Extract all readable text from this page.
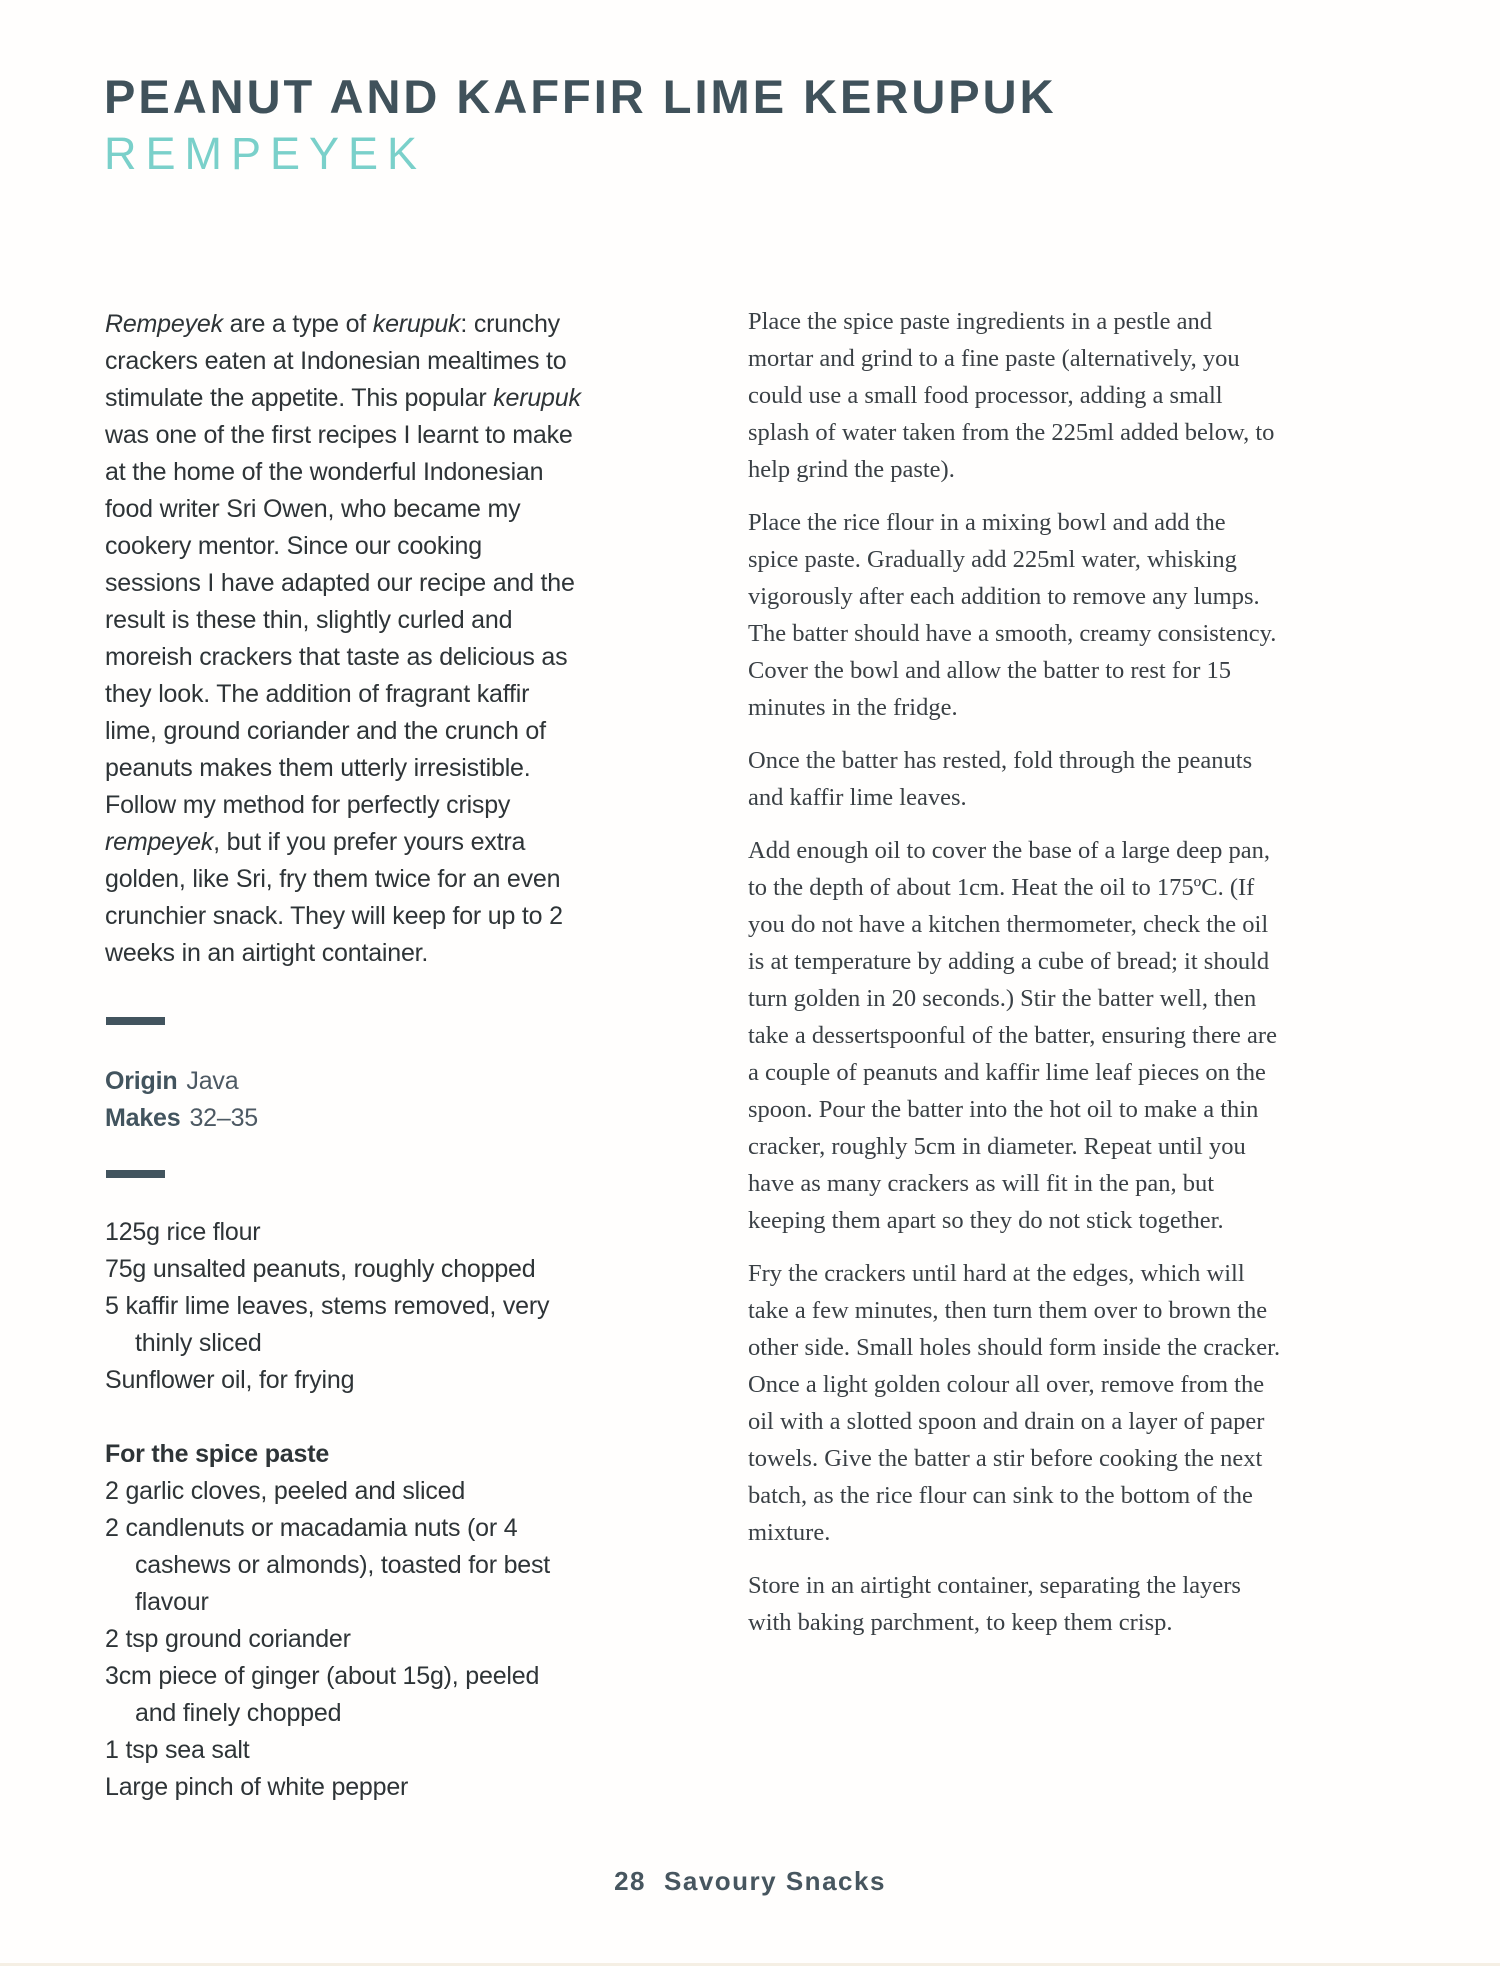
PEANUT AND KAFFIR LIME KERUPUK
REMPEYEK

Rempeyek are a type of kerupuk: crunchy crackers eaten at Indonesian mealtimes to stimulate the appetite. This popular kerupuk was one of the first recipes I learnt to make at the home of the wonderful Indonesian food writer Sri Owen, who became my cookery mentor. Since our cooking sessions I have adapted our recipe and the result is these thin, slightly curled and moreish crackers that taste as delicious as they look. The addition of fragrant kaffir lime, ground coriander and the crunch of peanuts makes them utterly irresistible. Follow my method for perfectly crispy rempeyek, but if you prefer yours extra golden, like Sri, fry them twice for an even crunchier snack. They will keep for up to 2 weeks in an airtight container.

Origin Java

Makes 32–35

125g rice flour
75g unsalted peanuts, roughly chopped
5 kaffir lime leaves, stems removed, very thinly sliced
Sunflower oil, for frying
For the spice paste
2 garlic cloves, peeled and sliced
2 candlenuts or macadamia nuts (or 4 cashews or almonds), toasted for best flavour
2 tsp ground coriander
3cm piece of ginger (about 15g), peeled and finely chopped
1 tsp sea salt
Large pinch of white pepper

Place the spice paste ingredients in a pestle and mortar and grind to a fine paste (alternatively, you could use a small food processor, adding a small splash of water taken from the 225ml added below, to help grind the paste).

Place the rice flour in a mixing bowl and add the spice paste. Gradually add 225ml water, whisking vigorously after each addition to remove any lumps. The batter should have a smooth, creamy consistency. Cover the bowl and allow the batter to rest for 15 minutes in the fridge.

Once the batter has rested, fold through the peanuts and kaffir lime leaves.

Add enough oil to cover the base of a large deep pan, to the depth of about 1cm. Heat the oil to 175ºC. (If you do not have a kitchen thermometer, check the oil is at temperature by adding a cube of bread; it should turn golden in 20 seconds.) Stir the batter well, then take a dessertspoonful of the batter, ensuring there are a couple of peanuts and kaffir lime leaf pieces on the spoon. Pour the batter into the hot oil to make a thin cracker, roughly 5cm in diameter. Repeat until you have as many crackers as will fit in the pan, but keeping them apart so they do not stick together.

Fry the crackers until hard at the edges, which will take a few minutes, then turn them over to brown the other side. Small holes should form inside the cracker. Once a light golden colour all over, remove from the oil with a slotted spoon and drain on a layer of paper towels. Give the batter a stir before cooking the next batch, as the rice flour can sink to the bottom of the mixture.

Store in an airtight container, separating the layers with baking parchment, to keep them crisp.

28 Savoury Snacks
